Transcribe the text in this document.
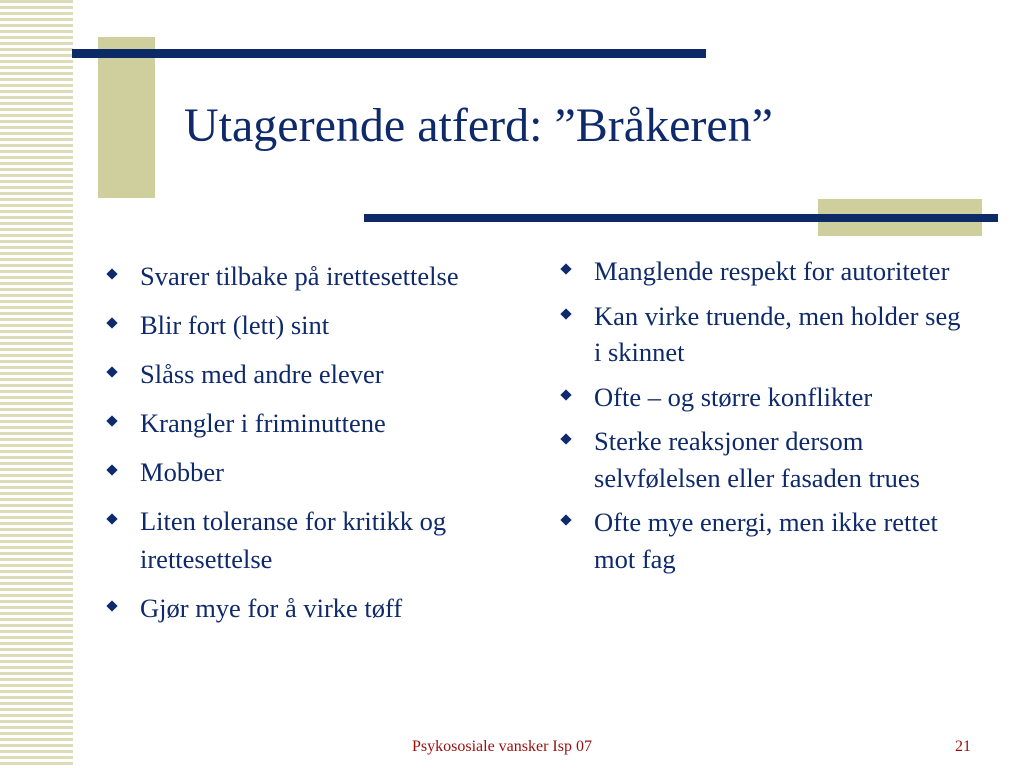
Utagerende atferd: ”Bråkeren”
Svarer tilbake på irettesettelse
Blir fort (lett) sint
Slåss med andre elever
Krangler i friminuttene
Mobber
Liten toleranse for kritikk og irettesettelse
Gjør mye for å virke tøff
Manglende respekt for autoriteter
Kan virke truende, men holder seg i skinnet
Ofte – og større konflikter
Sterke reaksjoner dersom selvfølelsen eller fasaden trues
Ofte mye energi, men ikke rettet mot fag
Psykososiale vansker Isp 07	21
